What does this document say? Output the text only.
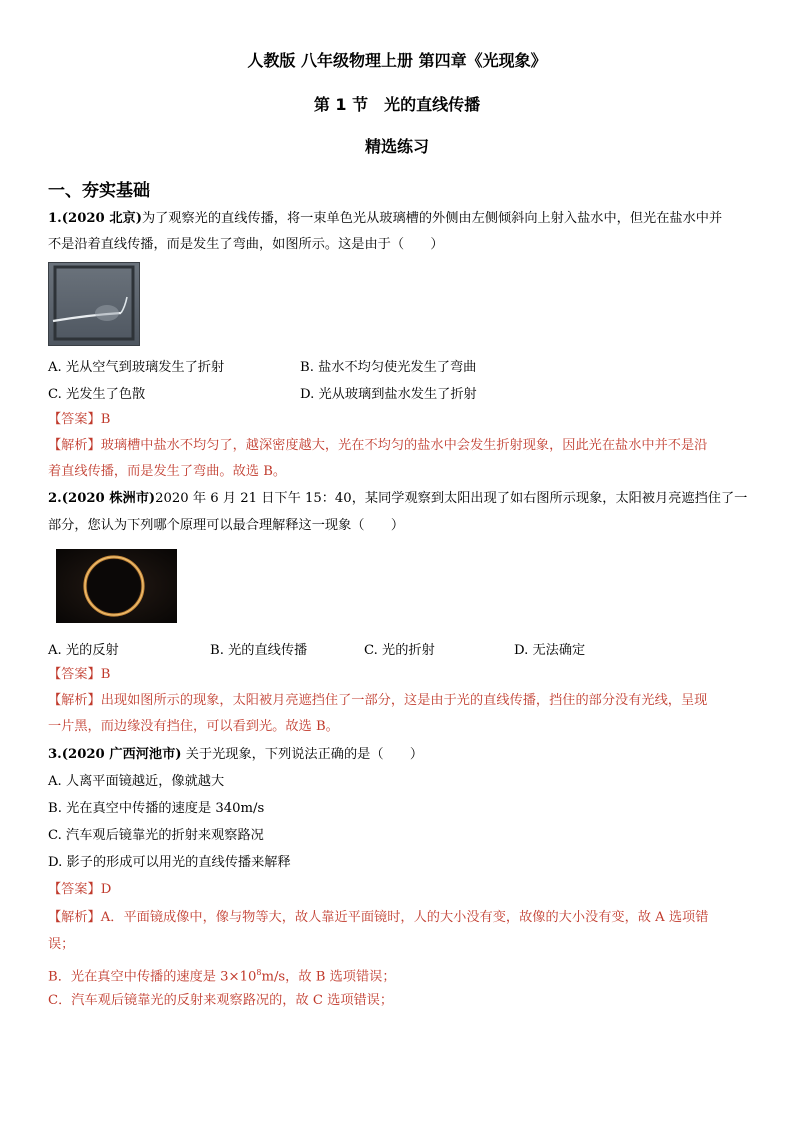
人教版 八年级物理上册 第四章《光现象》
第 1 节　光的直线传播
精选练习
一、夯实基础
1.(2020 北京)为了观察光的直线传播，将一束单色光从玻璃槽的外侧由左侧倾斜向上射入盐水中，但光在盐水中并
不是沿着直线传播，而是发生了弯曲，如图所示。这是由于（　　）
A. 光从空气到玻璃发生了折射	B. 盐水不均匀使光发生了弯曲
C. 光发生了色散	D. 光从玻璃到盐水发生了折射
【答案】B
【解析】玻璃槽中盐水不均匀了，越深密度越大，光在不均匀的盐水中会发生折射现象，因此光在盐水中并不是沿
着直线传播，而是发生了弯曲。故选 B。
2.(2020 株洲市)2020 年 6 月 21 日下午 15：40，某同学观察到太阳出现了如右图所示现象，太阳被月亮遮挡住了一
部分，您认为下列哪个原理可以最合理解释这一现象（　　）
A. 光的反射	B. 光的直线传播	C. 光的折射	D. 无法确定
【答案】B
【解析】出现如图所示的现象，太阳被月亮遮挡住了一部分，这是由于光的直线传播，挡住的部分没有光线，呈现
一片黑，而边缘没有挡住，可以看到光。故选 B。
3.(2020 广西河池市) 关于光现象，下列说法正确的是（　　）
A. 人离平面镜越近，像就越大
B. 光在真空中传播的速度是 340m/s
C. 汽车观后镜靠光的折射来观察路况
D. 影子的形成可以用光的直线传播来解释
【答案】D
【解析】A．平面镜成像中，像与物等大，故人靠近平面镜时，人的大小没有变，故像的大小没有变，故 A 选项错
误；
B．光在真空中传播的速度是 $3\times 10^8m/s$，故 B 选项错误；
C．汽车观后镜靠光的反射来观察路况的，故 C 选项错误；
